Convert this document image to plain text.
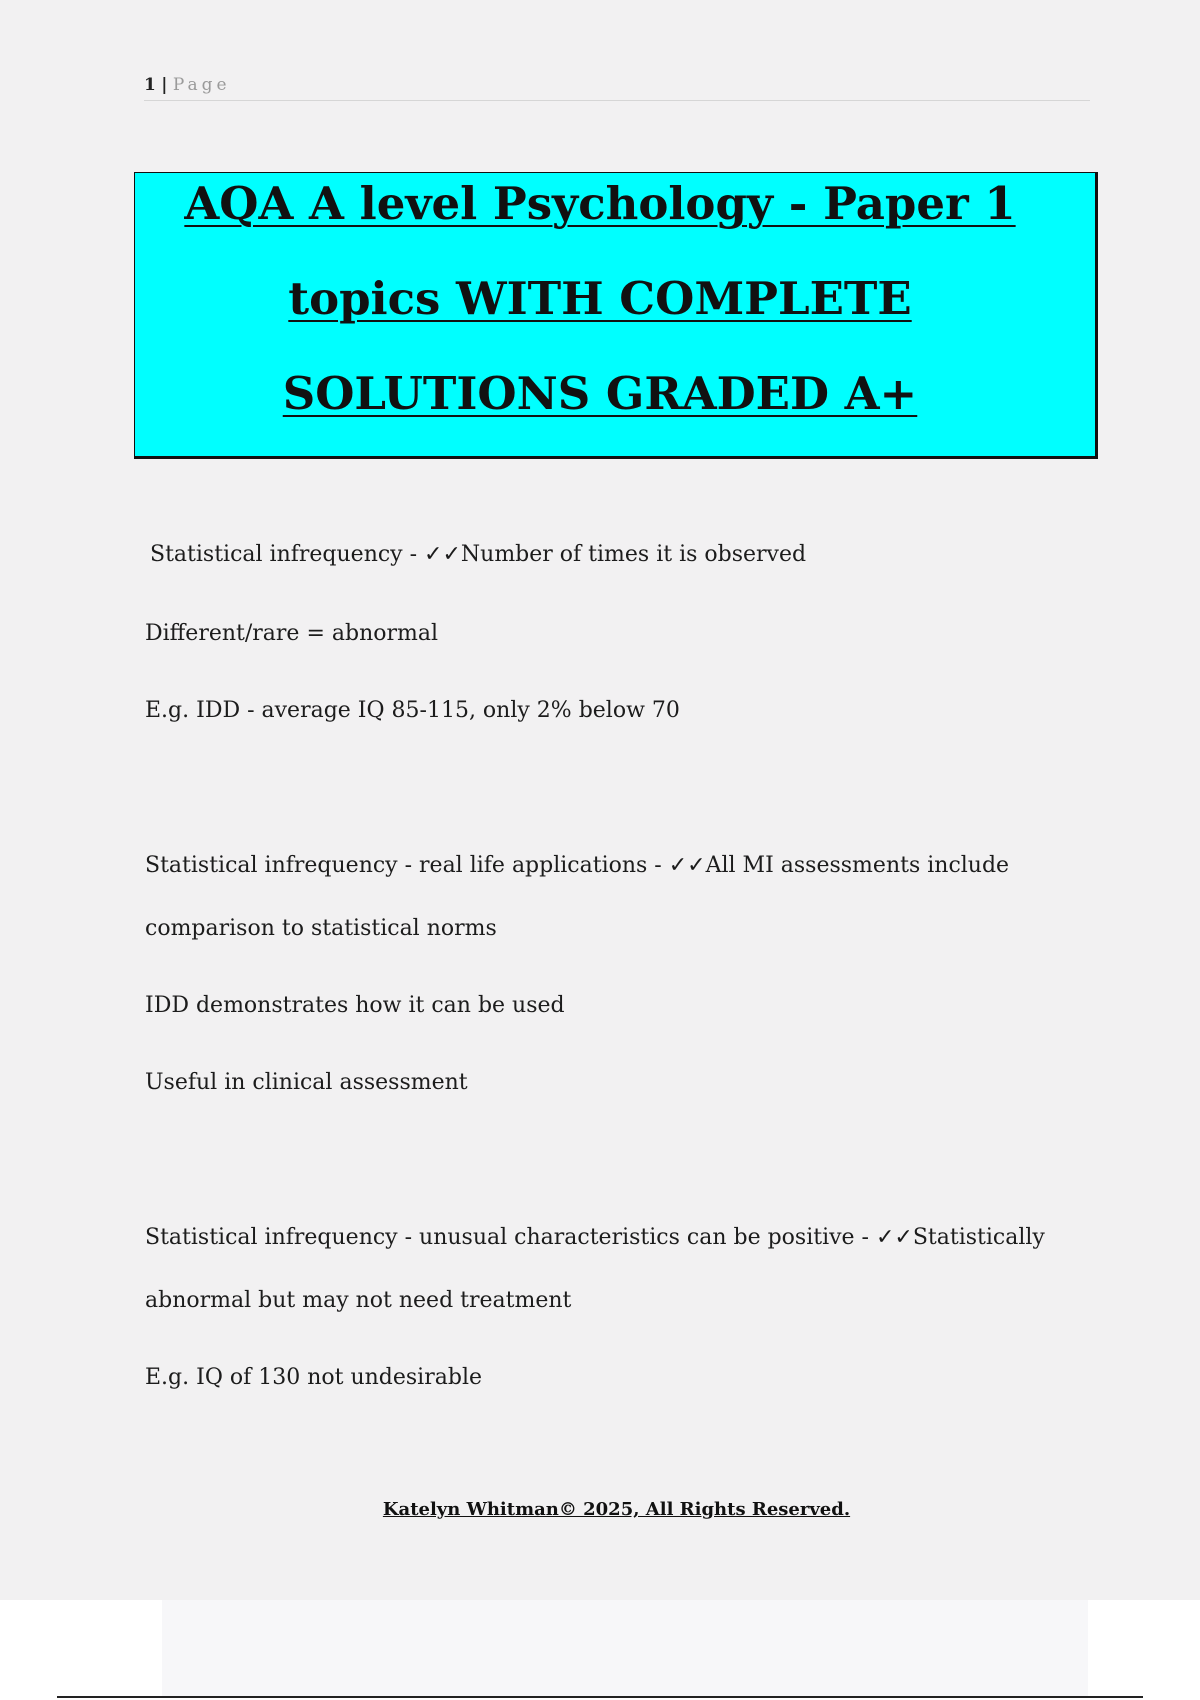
1 | Page
AQA A level Psychology - Paper 1
topics WITH COMPLETE
SOLUTIONS GRADED A+
Statistical infrequency - ✓✓Number of times it is observed
Different/rare = abnormal
E.g. IDD - average IQ 85-115, only 2% below 70
Statistical infrequency - real life applications - ✓✓All MI assessments include
comparison to statistical norms
IDD demonstrates how it can be used
Useful in clinical assessment
Statistical infrequency - unusual characteristics can be positive - ✓✓Statistically
abnormal but may not need treatment
E.g. IQ of 130 not undesirable
Katelyn Whitman© 2025, All Rights Reserved.
